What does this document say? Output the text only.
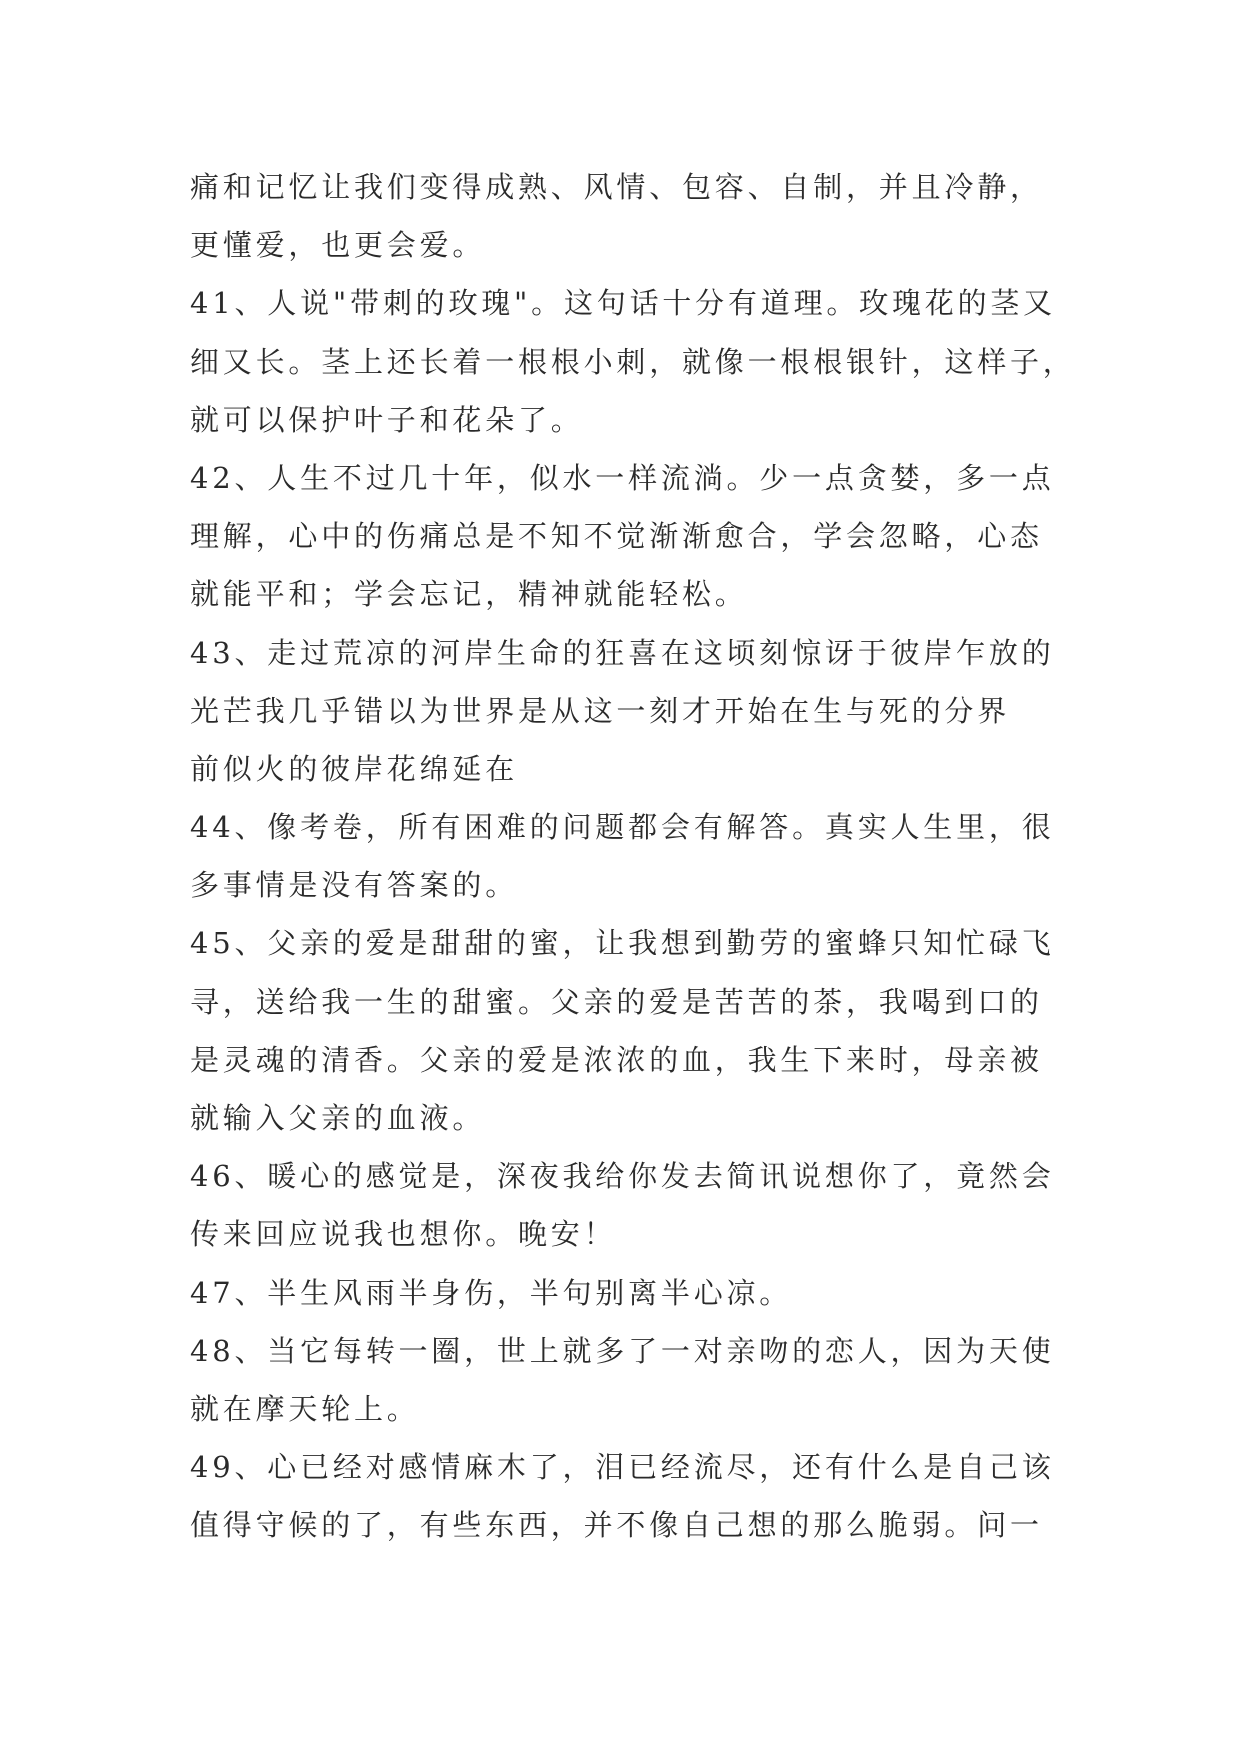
痛和记忆让我们变得成熟、风情、包容、自制，并且冷静，
更懂爱，也更会爱。
41、人说"带刺的玫瑰"。这句话十分有道理。玫瑰花的茎又
细又长。茎上还长着一根根小刺，就像一根根银针，这样子，
就可以保护叶子和花朵了。
42、人生不过几十年，似水一样流淌。少一点贪婪，多一点
理解，心中的伤痛总是不知不觉渐渐愈合，学会忽略，心态
就能平和；学会忘记，精神就能轻松。
43、走过荒凉的河岸生命的狂喜在这顷刻惊讶于彼岸乍放的
光芒我几乎错以为世界是从这一刻才开始在生与死的分界
前似火的彼岸花绵延在
44、像考卷，所有困难的问题都会有解答。真实人生里，很
多事情是没有答案的。
45、父亲的爱是甜甜的蜜，让我想到勤劳的蜜蜂只知忙碌飞
寻，送给我一生的甜蜜。父亲的爱是苦苦的茶，我喝到口的
是灵魂的清香。父亲的爱是浓浓的血，我生下来时，母亲被
就输入父亲的血液。
46、暖心的感觉是，深夜我给你发去简讯说想你了，竟然会
传来回应说我也想你。晚安！
47、半生风雨半身伤，半句别离半心凉。
48、当它每转一圈，世上就多了一对亲吻的恋人，因为天使
就在摩天轮上。
49、心已经对感情麻木了，泪已经流尽，还有什么是自己该
值得守候的了，有些东西，并不像自己想的那么脆弱。问一
